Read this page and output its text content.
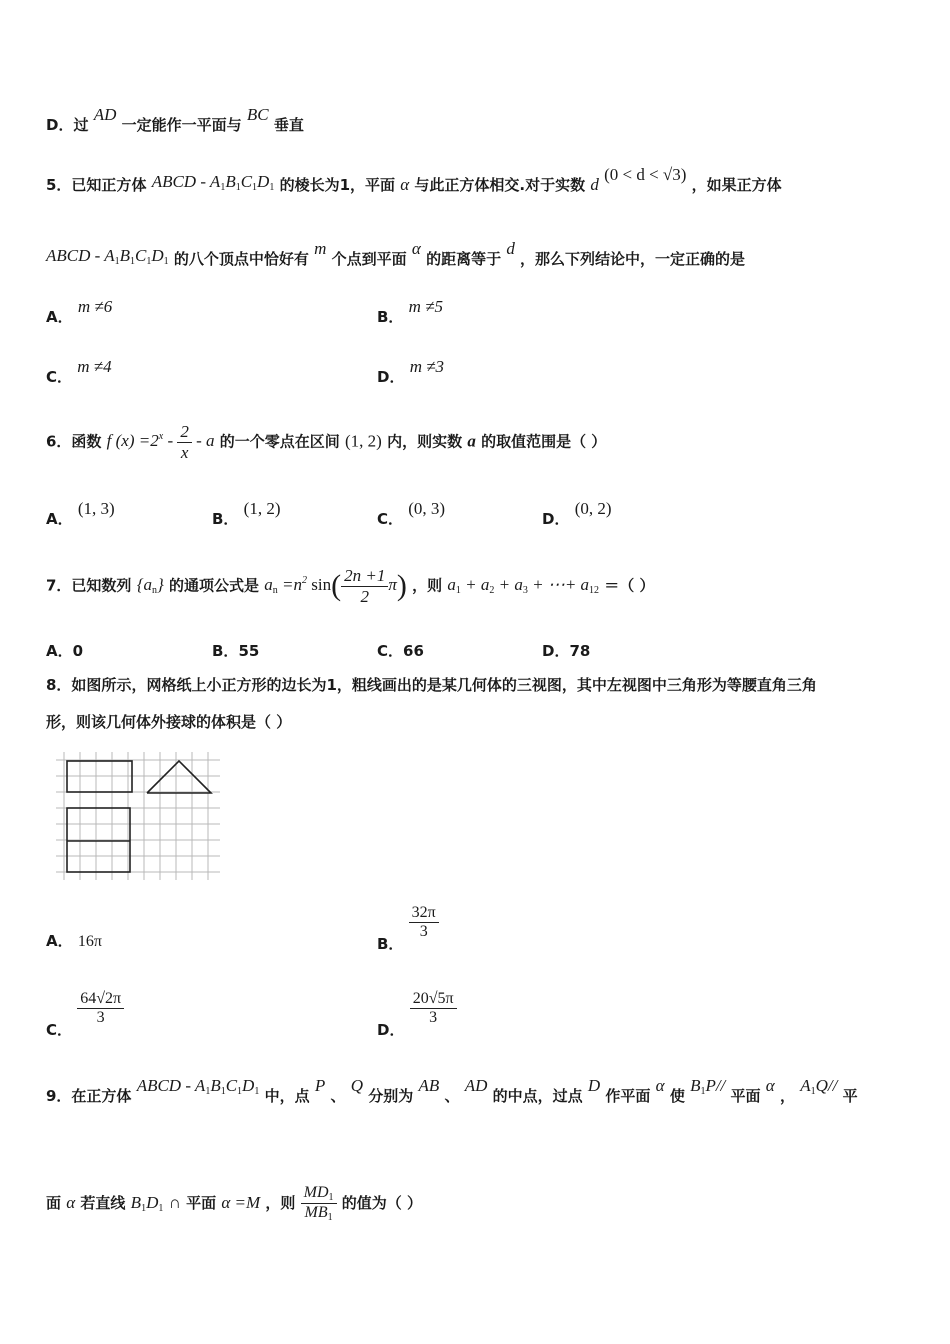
D．过 AD 一定能作一平面与 BC 垂直
5．已知正方体 ABCD - $A_1B_1C_1D_1$ 的棱长为1，平面 α 与此正方体相交.对于实数 d (0 < d < √3) ，如果正方体
ABCD - $A_1B_1C_1D_1$ 的八个顶点中恰好有 m 个点到平面 α 的距离等于 d ，那么下列结论中，一定正确的是
A． m ≠6
B． m ≠5
C． m ≠4
D． m ≠3
6．函数 f $(x) =2^x - \frac{2}{x} - a$ 的一个零点在区间 (1, 2) 内，则实数 a 的取值范围是（ ）
A． (1, 3)
B． (1, 2)
C． (0, 3)
D． (0, 2)
7．已知数列 $\{a_n\}$ 的通项公式是 $a_n =n^2$ $\sin( \frac{2n +1}{2} \pi)$ ，则 $a_1 + a_2 + a_3$ + ⋯+ $a_{12}$ ＝（ ）
A．0	B．55	C．66	D．78
8．如图所示，网格纸上小正方形的边长为1，粗线画出的是某几何体的三视图，其中左视图中三角形为等腰直角三角
形，则该几何体外接球的体积是（ ）
A． 16π	B．
$\frac{32\pi}{3}$
C．
$\frac{64√2\pi}{3}$
D．
$\frac{20√5\pi}{3}$
9．在正方体 ABCD - $A_1B_1C_1D_1$ 中，点 P 、 Q 分别为 AB 、 AD 的中点，过点 D 作平面 α 使 $B_1P//$ 平面 α ， $A_1Q//$ 平
面 α 若直线 $B_1D_1$ ∩ 平面 α =M ，则 $\frac{MD_1}{MB_1}$ 的值为（ ）
